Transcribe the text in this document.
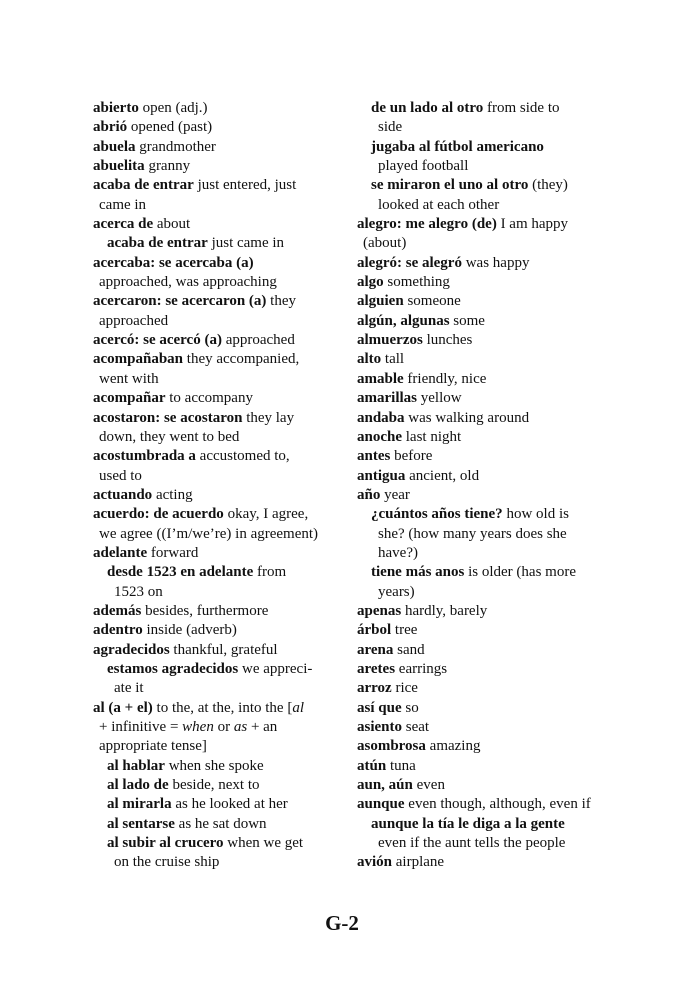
abierto open (adj.)
abrió opened (past)
abuela grandmother
abuelita granny
acaba de entrar just entered, just
came in
acerca de about
acaba de entrar just came in
acercaba: se acercaba (a)
approached, was approaching
acercaron: se acercaron (a) they
approached
acercó: se acercó (a) approached
acompañaban they accompanied,
went with
acompañar to accompany
acostaron: se acostaron they lay
down, they went to bed
acostumbrada a accustomed to,
used to
actuando acting
acuerdo: de acuerdo okay, I agree,
we agree ((I’m/we’re) in agreement)
adelante forward
desde 1523 en adelante from
1523 on
además besides, furthermore
adentro inside (adverb)
agradecidos thankful, grateful
estamos agradecidos we appreci-
ate it
al (a + el) to the, at the, into the [al
+ infinitive = when or as + an
appropriate tense]
al hablar when she spoke
al lado de beside, next to
al mirarla as he looked at her
al sentarse as he sat down
al subir al crucero when we get
on the cruise ship
de un lado al otro from side to
side
jugaba al fútbol americano
played football
se miraron el uno al otro (they)
looked at each other
alegro: me alegro (de) I am happy
(about)
alegró: se alegró was happy
algo something
alguien someone
algún, algunas some
almuerzos lunches
alto tall
amable friendly, nice
amarillas yellow
andaba was walking around
anoche last night
antes before
antigua ancient, old
año year
¿cuántos años tiene? how old is
she? (how many years does she
have?)
tiene más anos is older (has more
years)
apenas hardly, barely
árbol tree
arena sand
aretes earrings
arroz rice
así que so
asiento seat
asombrosa amazing
atún tuna
aun, aún even
aunque even though, although, even if
aunque la tía le diga a la gente
even if the aunt tells the people
avión airplane
G-2
